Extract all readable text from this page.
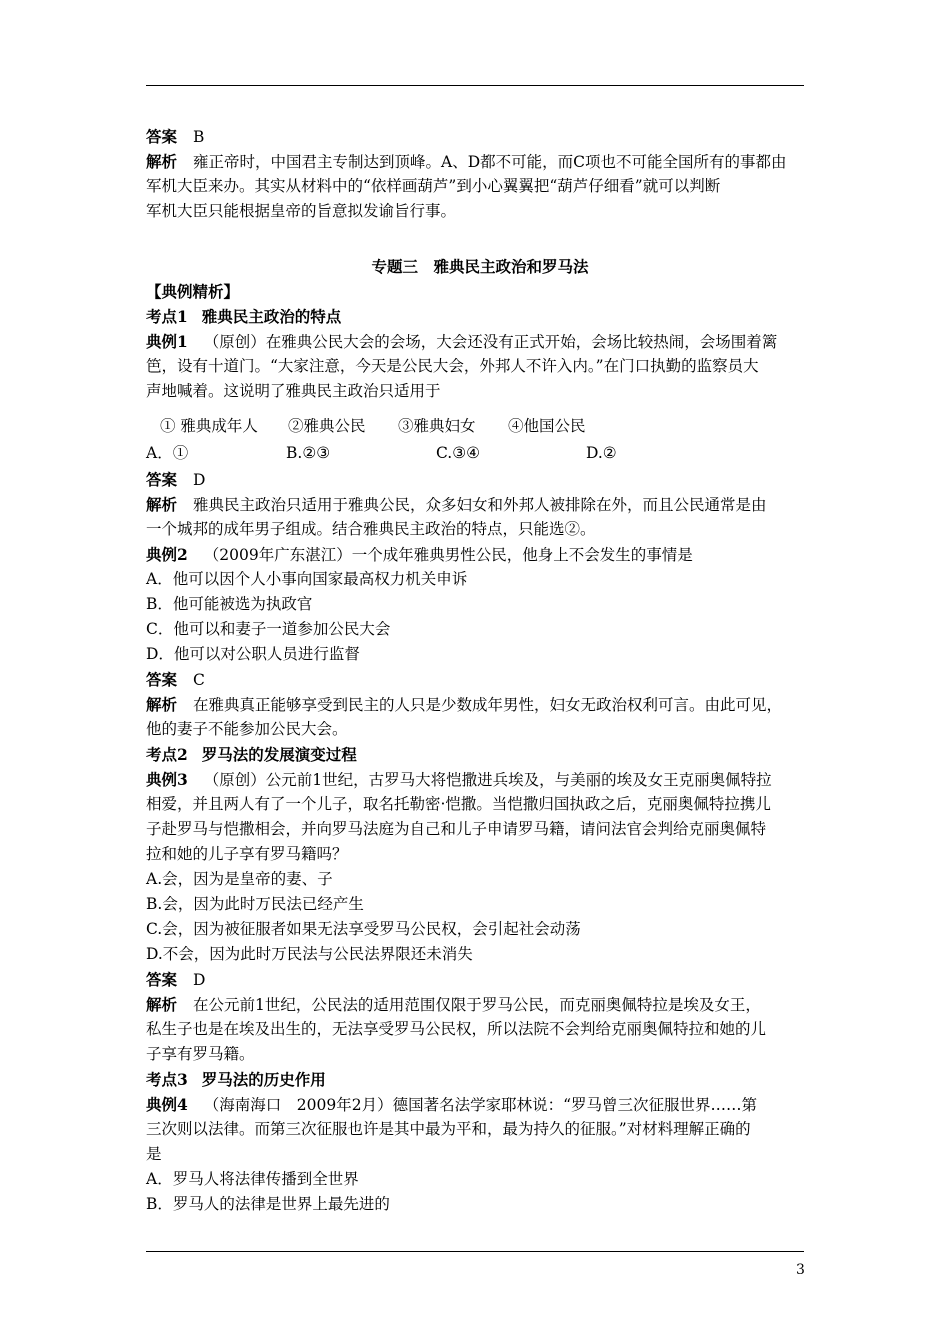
答案 B
解析 雍正帝时，中国君主专制达到顶峰。A、D都不可能，而C项也不可能全国所有的事都由
军机大臣来办。其实从材料中的“依样画葫芦”到小心翼翼把“葫芦仔细看”就可以判断
军机大臣只能根据皇帝的旨意拟发谕旨行事。
专题三　雅典民主政治和罗马法
【典例精析】
考点1 雅典民主政治的特点
典例1 （原创）在雅典公民大会的会场，大会还没有正式开始，会场比较热闹，会场围着篱
笆，设有十道门。“大家注意，今天是公民大会，外邦人不许入内。”在门口执勤的监察员大
声地喊着。这说明了雅典民主政治只适用于
① 雅典成年人 ②雅典公民 ③雅典妇女 ④他国公民
A．①	B.②③	C.③④	D.②
答案 D
解析 雅典民主政治只适用于雅典公民，众多妇女和外邦人被排除在外，而且公民通常是由
一个城邦的成年男子组成。结合雅典民主政治的特点，只能选②。
典例2 （2009年广东湛江）一个成年雅典男性公民，他身上不会发生的事情是
A．他可以因个人小事向国家最高权力机关申诉
B．他可能被选为执政官
C．他可以和妻子一道参加公民大会
D．他可以对公职人员进行监督
答案 C
解析 在雅典真正能够享受到民主的人只是少数成年男性，妇女无政治权利可言。由此可见，
他的妻子不能参加公民大会。
考点2 罗马法的发展演变过程
典例3 （原创）公元前1世纪，古罗马大将恺撒进兵埃及，与美丽的埃及女王克丽奥佩特拉
相爱，并且两人有了一个儿子，取名托勒密·恺撒。当恺撒归国执政之后，克丽奥佩特拉携儿
子赴罗马与恺撒相会，并向罗马法庭为自己和儿子申请罗马籍，请问法官会判给克丽奥佩特
拉和她的儿子享有罗马籍吗？
A.会，因为是皇帝的妻、子
B.会，因为此时万民法已经产生
C.会，因为被征服者如果无法享受罗马公民权，会引起社会动荡
D.不会，因为此时万民法与公民法界限还未消失
答案 D
解析 在公元前1世纪，公民法的适用范围仅限于罗马公民，而克丽奥佩特拉是埃及女王，
私生子也是在埃及出生的，无法享受罗马公民权，所以法院不会判给克丽奥佩特拉和她的儿
子享有罗马籍。
考点3 罗马法的历史作用
典例4 （海南海口　2009年2月）德国著名法学家耶林说：“罗马曾三次征服世界……第
三次则以法律。而第三次征服也许是其中最为平和，最为持久的征服。”对材料理解正确的
是
A．罗马人将法律传播到全世界
B．罗马人的法律是世界上最先进的
3
